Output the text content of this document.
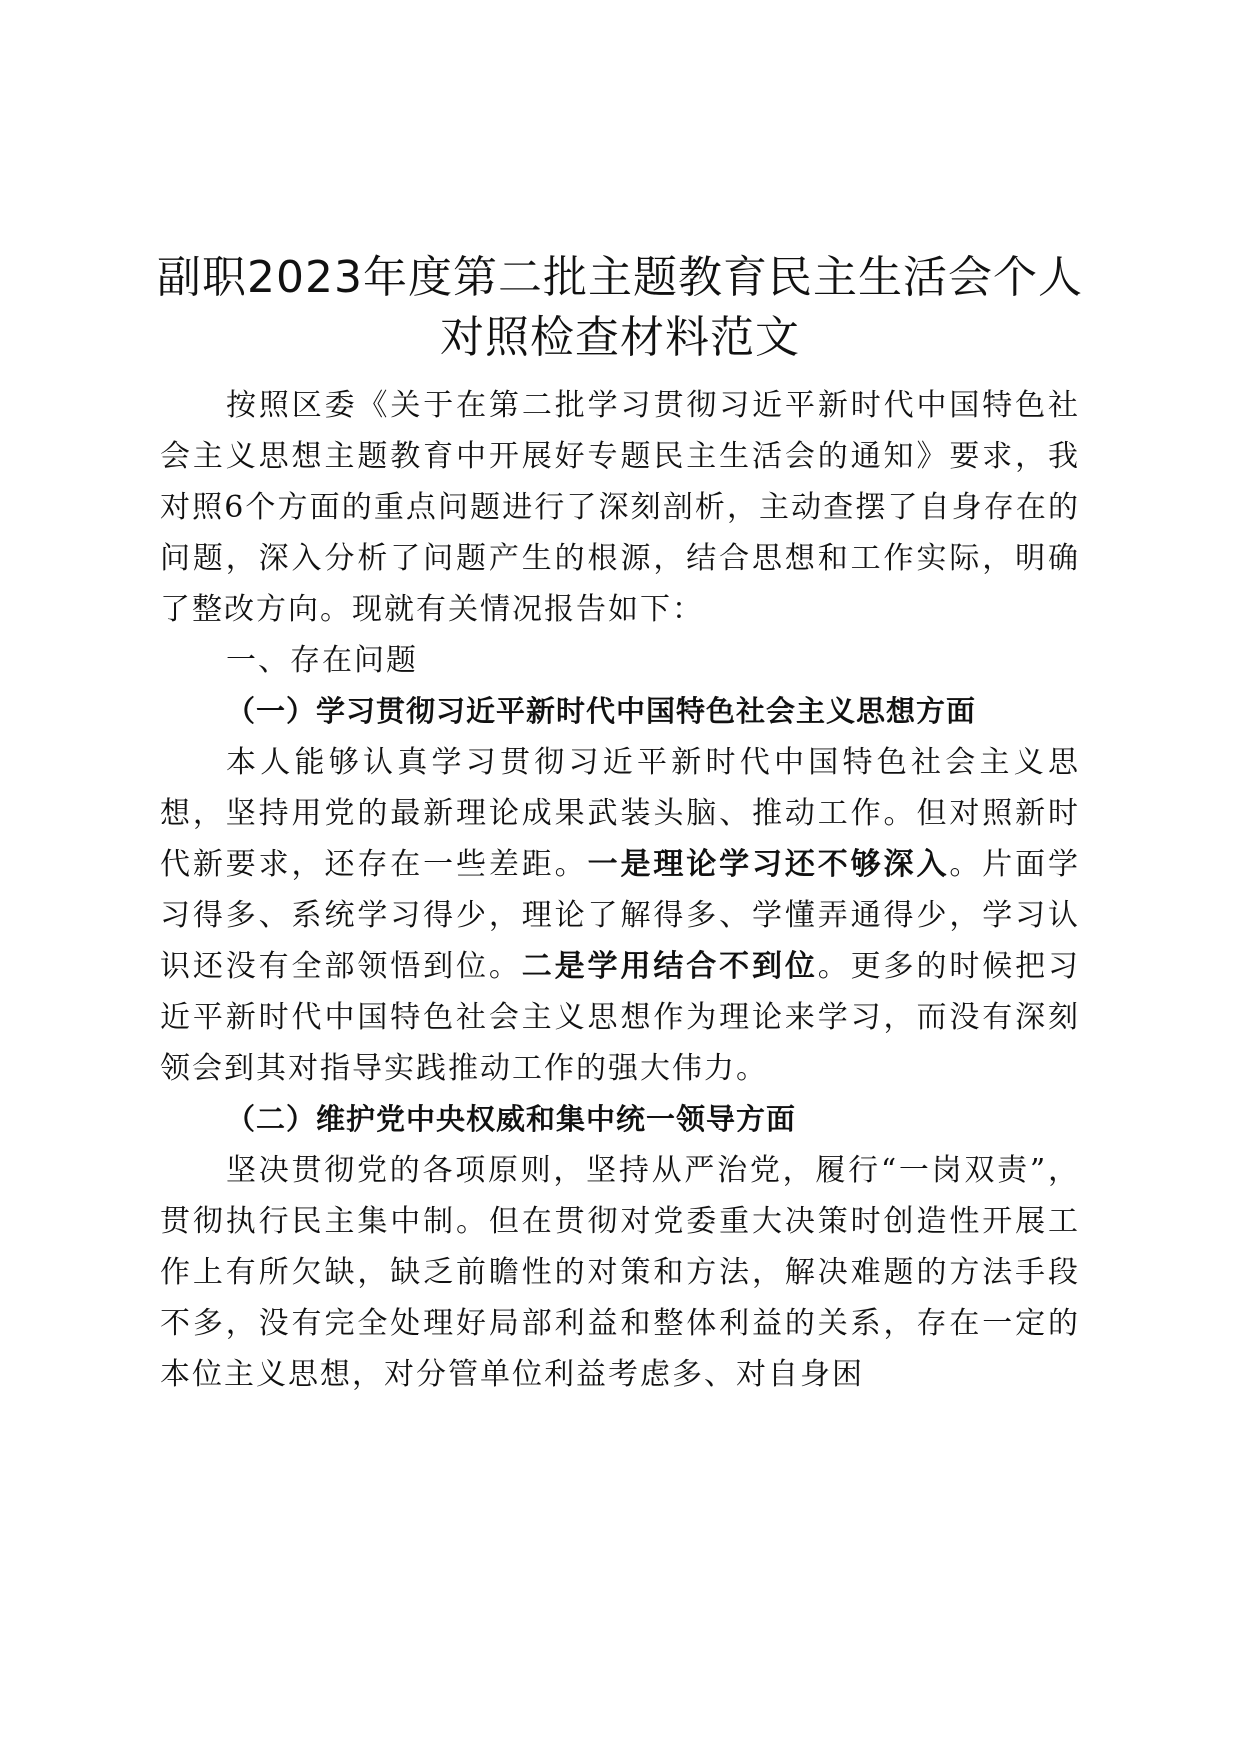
副职2023年度第二批主题教育民主生活会个人对照检查材料范文

按照区委《关于在第二批学习贯彻习近平新时代中国特色社会主义思想主题教育中开展好专题民主生活会的通知》要求，我对照6个方面的重点问题进行了深刻剖析，主动查摆了自身存在的问题，深入分析了问题产生的根源，结合思想和工作实际，明确了整改方向。现就有关情况报告如下：

一、存在问题

（一）学习贯彻习近平新时代中国特色社会主义思想方面

本人能够认真学习贯彻习近平新时代中国特色社会主义思想，坚持用党的最新理论成果武装头脑、推动工作。但对照新时代新要求，还存在一些差距。一是理论学习还不够深入。片面学习得多、系统学习得少，理论了解得多、学懂弄通得少，学习认识还没有全部领悟到位。二是学用结合不到位。更多的时候把习近平新时代中国特色社会主义思想作为理论来学习，而没有深刻领会到其对指导实践推动工作的强大伟力。

（二）维护党中央权威和集中统一领导方面

坚决贯彻党的各项原则，坚持从严治党，履行“一岗双责”，贯彻执行民主集中制。但在贯彻对党委重大决策时创造性开展工作上有所欠缺，缺乏前瞻性的对策和方法，解决难题的方法手段不多，没有完全处理好局部利益和整体利益的关系，存在一定的本位主义思想，对分管单位利益考虑多、对自身困
